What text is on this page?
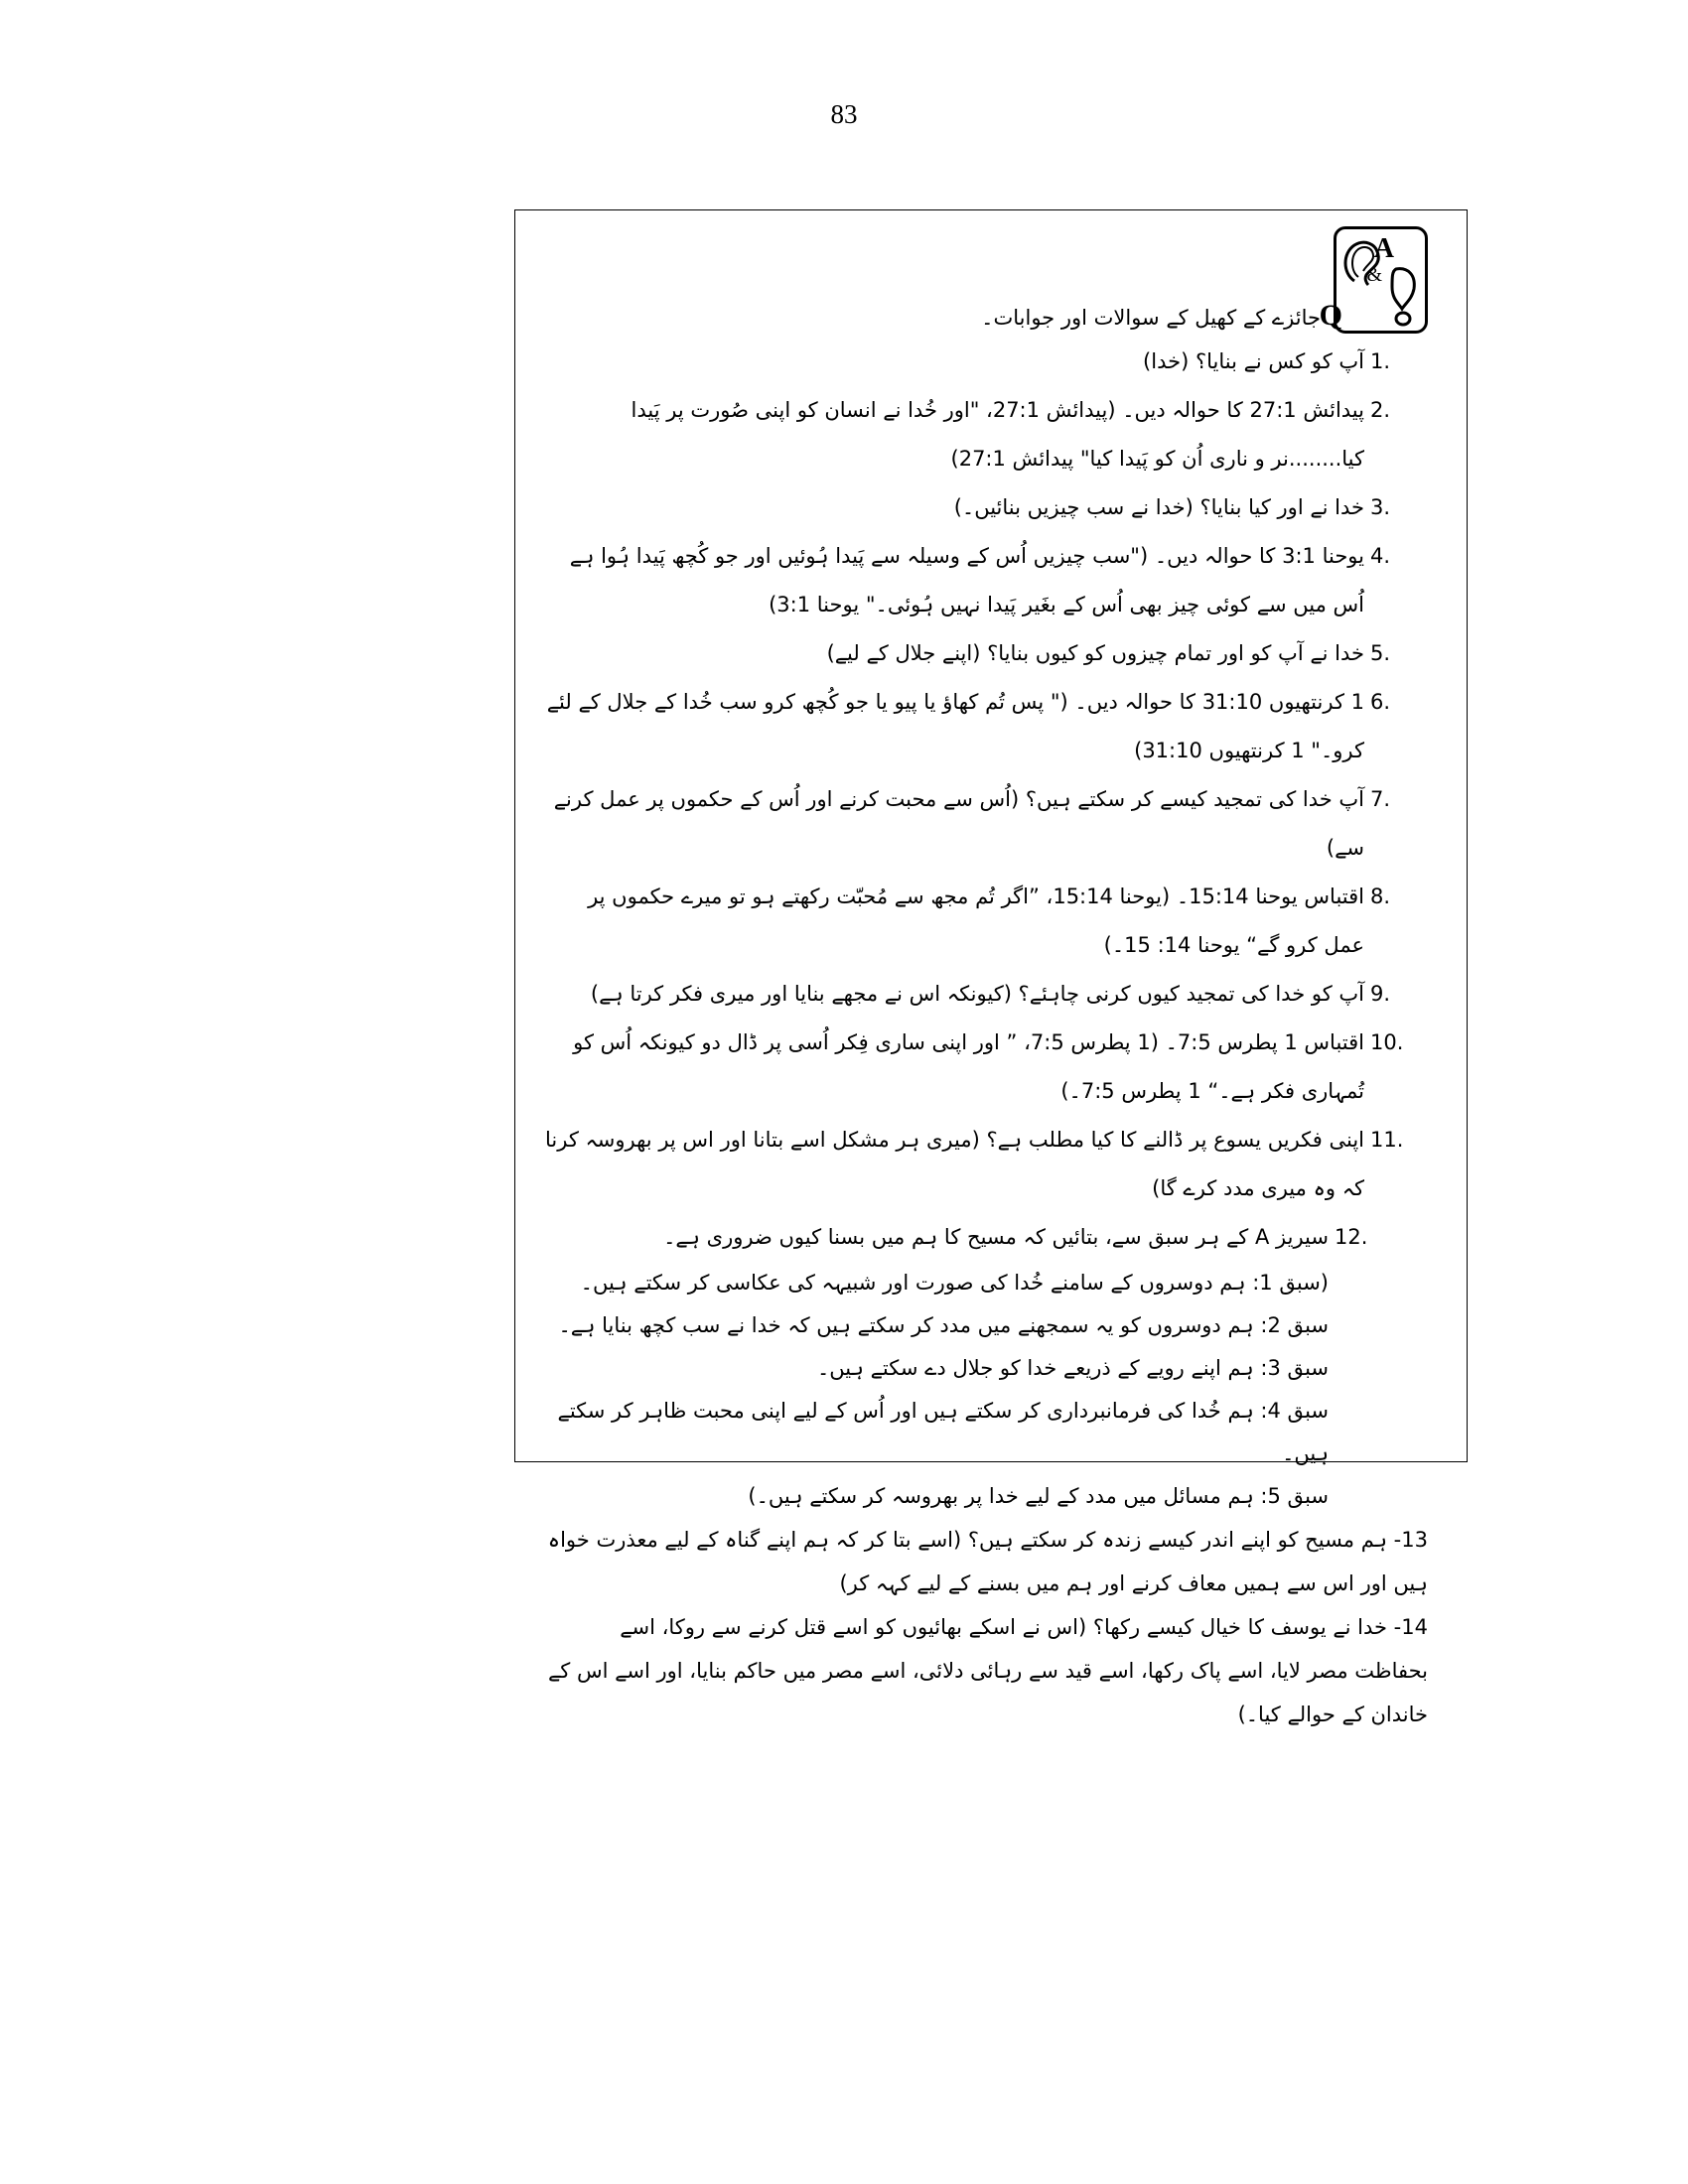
83
A
&
Q
جائزے کے کھیل کے سوالات اور جوابات۔
1.
آپ کو کس نے بنایا؟ (خدا)
2.
پیدائش 27:1 کا حوالہ دیں۔ (پیدائش 27:1، "اور خُدا نے انسان کو اپنی صُورت پر پَیدا کیا........نر و ناری اُن کو پَیدا کیا" پیدائش 27:1)
3.
خدا نے اور کیا بنایا؟ (خدا نے سب چیزیں بنائیں۔)
4.
یوحنا 3:1 کا حوالہ دیں۔ ("سب چیزیں اُس کے وسیلہ سے پَیدا ہُوئیں اور جو کُچھ پَیدا ہُوا ہے اُس میں سے کوئی چیز بھی اُس کے بغَیر پَیدا نہیں ہُوئی۔" یوحنا 3:1)
5.
خدا نے آپ کو اور تمام چیزوں کو کیوں بنایا؟ (اپنے جلال کے لیے)
6.
1 کرنتھیوں 31:10 کا حوالہ دیں۔ (" پس تُم کھاؤ یا پیو یا جو کُچھ کرو سب خُدا کے جلال کے لئے کرو۔" 1 کرنتھیوں 31:10)
7.
آپ خدا کی تمجید کیسے کر سکتے ہیں؟ (اُس سے محبت کرنے اور اُس کے حکموں پر عمل کرنے سے)
8.
اقتباس یوحنا 15:14۔ (یوحنا 15:14، ”اگر تُم مجھ سے مُحبّت رکھتے ہو تو میرے حکموں پر عمل کرو گے“ یوحنا 14: 15۔)
9.
آپ کو خدا کی تمجید کیوں کرنی چاہئے؟ (کیونکہ اس نے مجھے بنایا اور میری فکر کرتا ہے)
10.
اقتباس 1 پطرس 7:5۔ (1 پطرس 7:5، ” اور اپنی ساری فِکر اُسی پر ڈال دو کیونکہ اُس کو تُمہاری فکر ہے۔“ 1 پطرس 7:5۔)
11.
اپنی فکریں یسوع پر ڈالنے کا کیا مطلب ہے؟ (میری ہر مشکل اسے بتانا اور اس پر بھروسہ کرنا کہ وہ میری مدد کرے گا)
12.
سیریز A کے ہر سبق سے، بتائیں کہ مسیح کا ہم میں بسنا کیوں ضروری ہے۔
(سبق 1: ہم دوسروں کے سامنے خُدا کی صورت اور شبیہہ کی عکاسی کر سکتے ہیں۔
سبق 2: ہم دوسروں کو یہ سمجھنے میں مدد کر سکتے ہیں کہ خدا نے سب کچھ بنایا ہے۔
سبق 3: ہم اپنے رویے کے ذریعے خدا کو جلال دے سکتے ہیں۔
سبق 4: ہم خُدا کی فرمانبرداری کر سکتے ہیں اور اُس کے لیے اپنی محبت ظاہر کر سکتے ہیں۔
سبق 5: ہم مسائل میں مدد کے لیے خدا پر بھروسہ کر سکتے ہیں۔)

13- ہم مسیح کو اپنے اندر کیسے زندہ کر سکتے ہیں؟ (اسے بتا کر کہ ہم اپنے گناہ کے لیے معذرت خواہ ہیں اور اس سے ہمیں معاف کرنے اور ہم میں بسنے کے لیے کہہ کر)

14- خدا نے یوسف کا خیال کیسے رکھا؟ (اس نے اسکے بھائیوں کو اسے قتل کرنے سے روکا، اسے بحفاظت مصر لایا، اسے پاک رکھا، اسے قید سے رہائی دلائی، اسے مصر میں حاکم بنایا، اور اسے اس کے خاندان کے حوالے کیا۔)
